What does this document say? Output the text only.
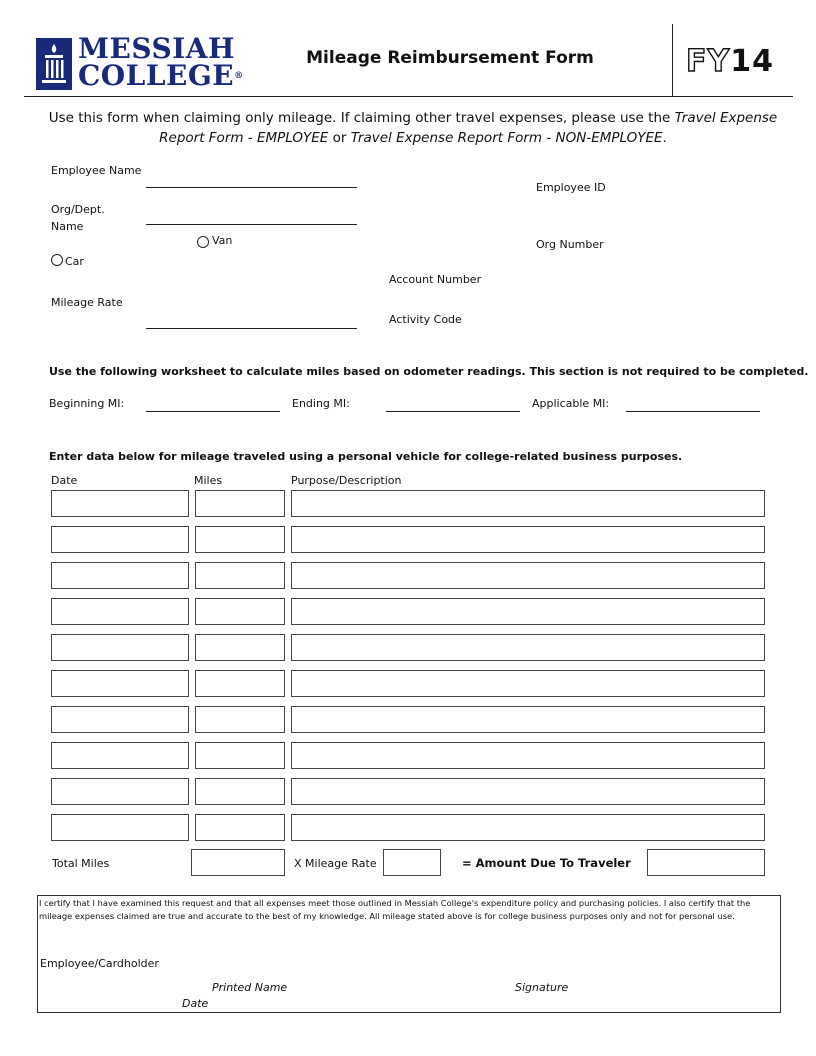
MESSIAH
COLLEGE®
Mileage Reimbursement Form	FY14
Use this form when claiming only mileage. If claiming other travel expenses, please use the Travel Expense Report Form - EMPLOYEE or Travel Expense Report Form - NON-EMPLOYEE.
Employee Name
Org/Dept.
Name
Van
Car
Mileage Rate
Employee ID
Org Number
Account Number
Activity Code
Use the following worksheet to calculate miles based on odometer readings. This section is not required to be completed.
Beginning MI:	Ending MI:	Applicable MI:
Enter data below for mileage traveled using a personal vehicle for college-related business purposes.
Date	Miles	Purpose/Description
Total Miles	X Mileage Rate	= Amount Due To Traveler
I certify that I have examined this request and that all expenses meet those outlined in Messiah College's expenditure policy and purchasing policies. I also certify that the mileage expenses claimed are true and accurate to the best of my knowledge. All mileage stated above is for college business purposes only and not for personal use.
Employee/Cardholder
Printed Name	Signature
Date
